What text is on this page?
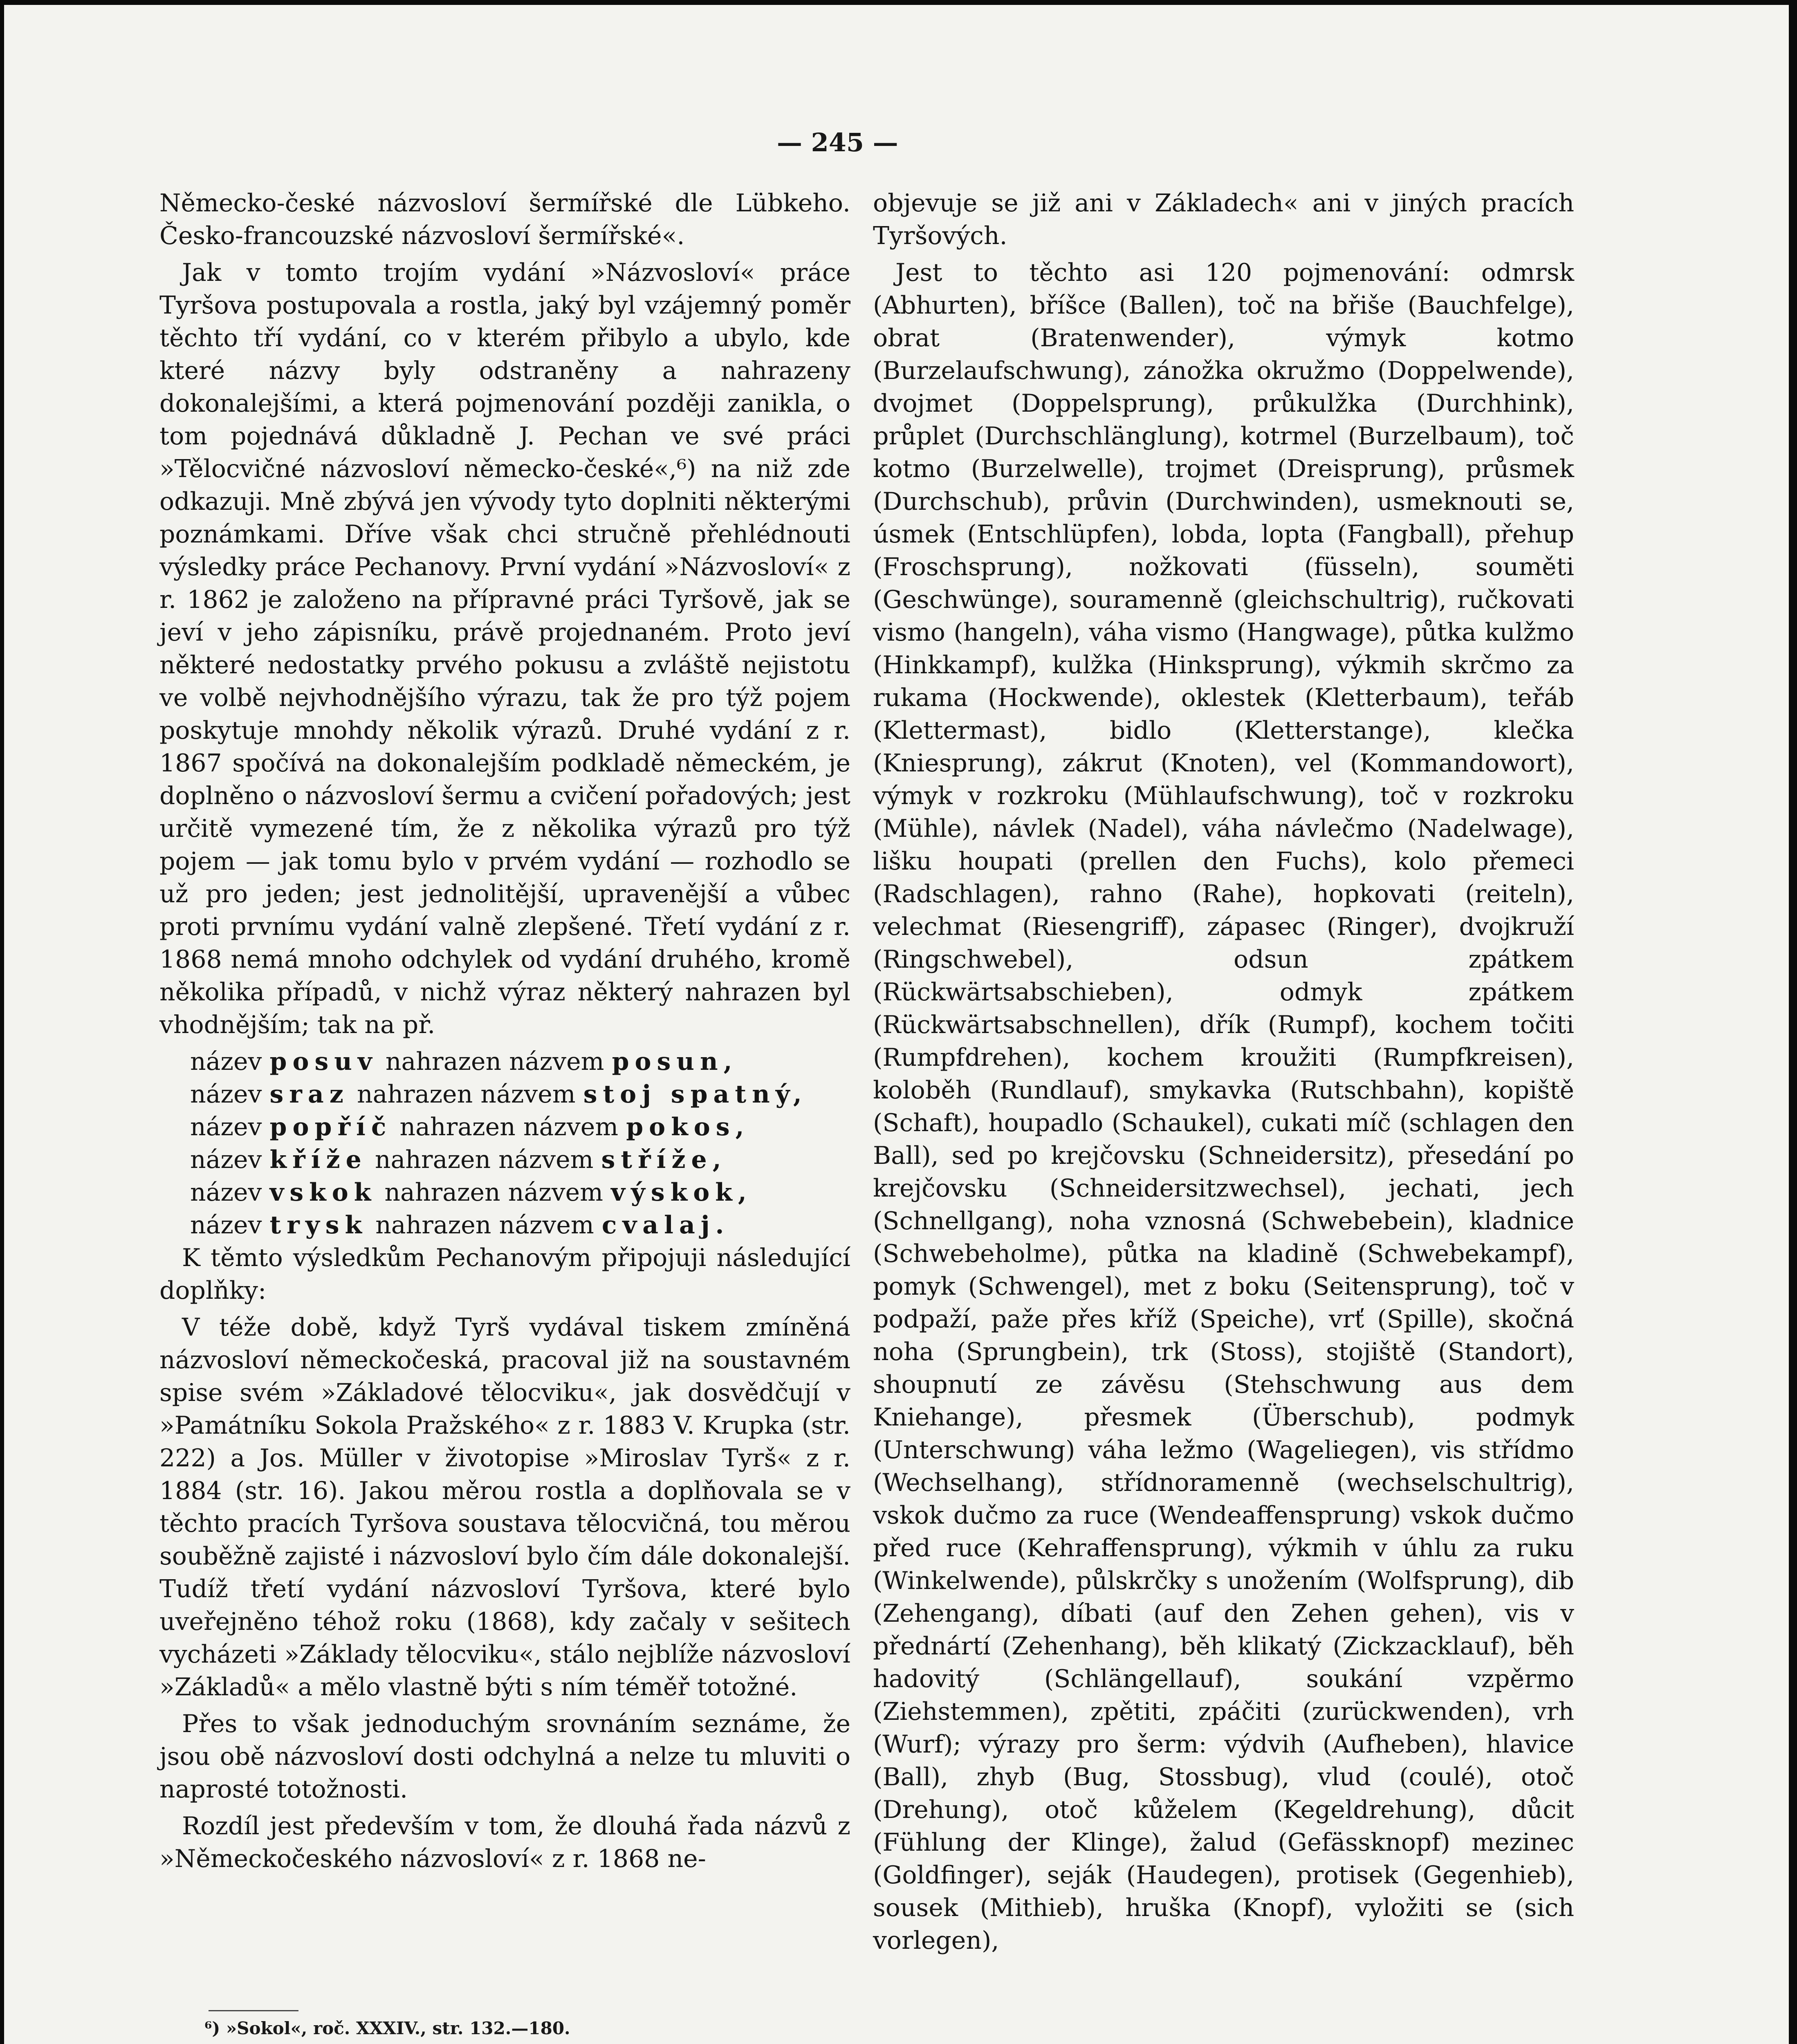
— 245 —

Německo-české názvosloví šermířské dle Lübkeho. Česko-francouzské názvosloví šermířské«.

Jak v tomto trojím vydání »Názvosloví« práce Tyršova postupovala a rostla, jaký byl vzájemný poměr těchto tří vydání, co v kterém přibylo a ubylo, kde které názvy byly odstraněny a nahrazeny dokonalejšími, a která pojmenování později zanikla, o tom pojednává důkladně J. Pechan ve své práci »Tělocvičné názvosloví německo-české«,⁶) na niž zde odkazuji. Mně zbývá jen vývody tyto doplniti některými poznámkami. Dříve však chci stručně přehlédnouti výsledky práce Pechanovy. První vydání »Názvosloví« z r. 1862 je založeno na přípravné práci Tyršově, jak se jeví v jeho zápisníku, právě projednaném. Proto jeví některé nedostatky prvého pokusu a zvláště nejistotu ve volbě nejvhodnějšího výrazu, tak že pro týž pojem poskytuje mnohdy několik výrazů. Druhé vydání z r. 1867 spočívá na dokonalejším podkladě německém, je doplněno o názvosloví šermu a cvičení pořadových; jest určitě vymezené tím, že z několika výrazů pro týž pojem — jak tomu bylo v prvém vydání — rozhodlo se už pro jeden; jest jednolitější, upravenější a vůbec proti prvnímu vydání valně zlepšené. Třetí vydání z r. 1868 nemá mnoho odchylek od vydání druhého, kromě několika případů, v nichž výraz některý nahrazen byl vhodnějším; tak na př.

název posuv nahrazen názvem posun,
název sraz nahrazen názvem stoj spatný,
název popříč nahrazen názvem pokos,
název kříže nahrazen názvem stříže,
název vskok nahrazen názvem výskok,
název trysk nahrazen názvem cvalaj.

K těmto výsledkům Pechanovým připojuji následující doplňky:

V téže době, když Tyrš vydával tiskem zmíněná názvosloví německočeská, pracoval již na soustavném spise svém »Základové tělocviku«, jak dosvědčují v »Památníku Sokola Pražského« z r. 1883 V. Krupka (str. 222) a Jos. Müller v životopise »Miroslav Tyrš« z r. 1884 (str. 16). Jakou měrou rostla a doplňovala se v těchto pracích Tyršova soustava tělocvičná, tou měrou souběžně zajisté i názvosloví bylo čím dále dokonalejší. Tudíž třetí vydání názvosloví Tyršova, které bylo uveřejněno téhož roku (1868), kdy začaly v sešitech vycházeti »Základy tělocviku«, stálo nejblíže názvosloví »Základů« a mělo vlastně býti s ním téměř totožné.

Přes to však jednoduchým srovnáním seznáme, že jsou obě názvosloví dosti odchylná a nelze tu mluviti o naprosté totožnosti.

Rozdíl jest především v tom, že dlouhá řada názvů z »Německočeského názvosloví« z r. 1868 ne-

objevuje se již ani v Základech« ani v jiných pracích Tyršových.

Jest to těchto asi 120 pojmenování: odmrsk (Abhurten), bříšce (Ballen), toč na břiše (Bauchfelge), obrat (Bratenwender), výmyk kotmo (Burzelaufschwung), zánožka okružmo (Doppelwende), dvojmet (Doppelsprung), průkulžka (Durchhink), průplet (Durchschlänglung), kotrmel (Burzelbaum), toč kotmo (Burzelwelle), trojmet (Dreisprung), průsmek (Durchschub), průvin (Durchwinden), usmeknouti se, úsmek (Entschlüpfen), lobda, lopta (Fangball), přehup (Froschsprung), nožkovati (füsseln), souměti (Geschwünge), souramenně (gleichschultrig), ručkovati vismo (hangeln), váha vismo (Hangwage), půtka kulžmo (Hinkkampf), kulžka (Hinksprung), výkmih skrčmo za rukama (Hockwende), oklestek (Kletterbaum), teřáb (Klettermast), bidlo (Kletterstange), klečka (Kniesprung), zákrut (Knoten), vel (Kommandowort), výmyk v rozkroku (Mühlaufschwung), toč v rozkroku (Mühle), návlek (Nadel), váha návlečmo (Nadelwage), lišku houpati (prellen den Fuchs), kolo přemeci (Radschlagen), rahno (Rahe), hopkovati (reiteln), velechmat (Riesengriff), zápasec (Ringer), dvojkruží (Ringschwebel), odsun zpátkem (Rückwärtsabschieben), odmyk zpátkem (Rückwärtsabschnellen), dřík (Rumpf), kochem točiti (Rumpfdrehen), kochem kroužiti (Rumpfkreisen), koloběh (Rundlauf), smykavka (Rutschbahn), kopiště (Schaft), houpadlo (Schaukel), cukati míč (schlagen den Ball), sed po krejčovsku (Schneidersitz), přesedání po krejčovsku (Schneidersitzwechsel), jechati, jech (Schnellgang), noha vznosná (Schwebebein), kladnice (Schwebeholme), půtka na kladině (Schwebekampf), pomyk (Schwengel), met z boku (Seitensprung), toč v podpaží, paže přes kříž (Speiche), vrť (Spille), skočná noha (Sprungbein), trk (Stoss), stojiště (Standort), shoupnutí ze závěsu (Stehschwung aus dem Kniehange), přesmek (Überschub), podmyk (Unterschwung) váha ležmo (Wageliegen), vis střídmo (Wechselhang), střídnoramenně (wechselschultrig), vskok dučmo za ruce (Wendeaffensprung) vskok dučmo před ruce (Kehraffensprung), výkmih v úhlu za ruku (Winkelwende), půlskrčky s unožením (Wolfsprung), dib (Zehengang), díbati (auf den Zehen gehen), vis v přednártí (Zehenhang), běh klikatý (Zickzacklauf), běh hadovitý (Schlängellauf), soukání vzpěrmo (Ziehstemmen), zpětiti, zpáčiti (zurückwenden), vrh (Wurf); výrazy pro šerm: výdvih (Aufheben), hlavice (Ball), zhyb (Bug, Stossbug), vlud (coulé), otoč (Drehung), otoč kůželem (Kegeldrehung), důcit (Fühlung der Klinge), žalud (Gefässknopf) mezinec (Goldfinger), seják (Haudegen), protisek (Gegenhieb), sousek (Mithieb), hruška (Knopf), vyložiti se (sich vorlegen),

⁶) »Sokol«, roč. XXXIV., str. 132.—180.
